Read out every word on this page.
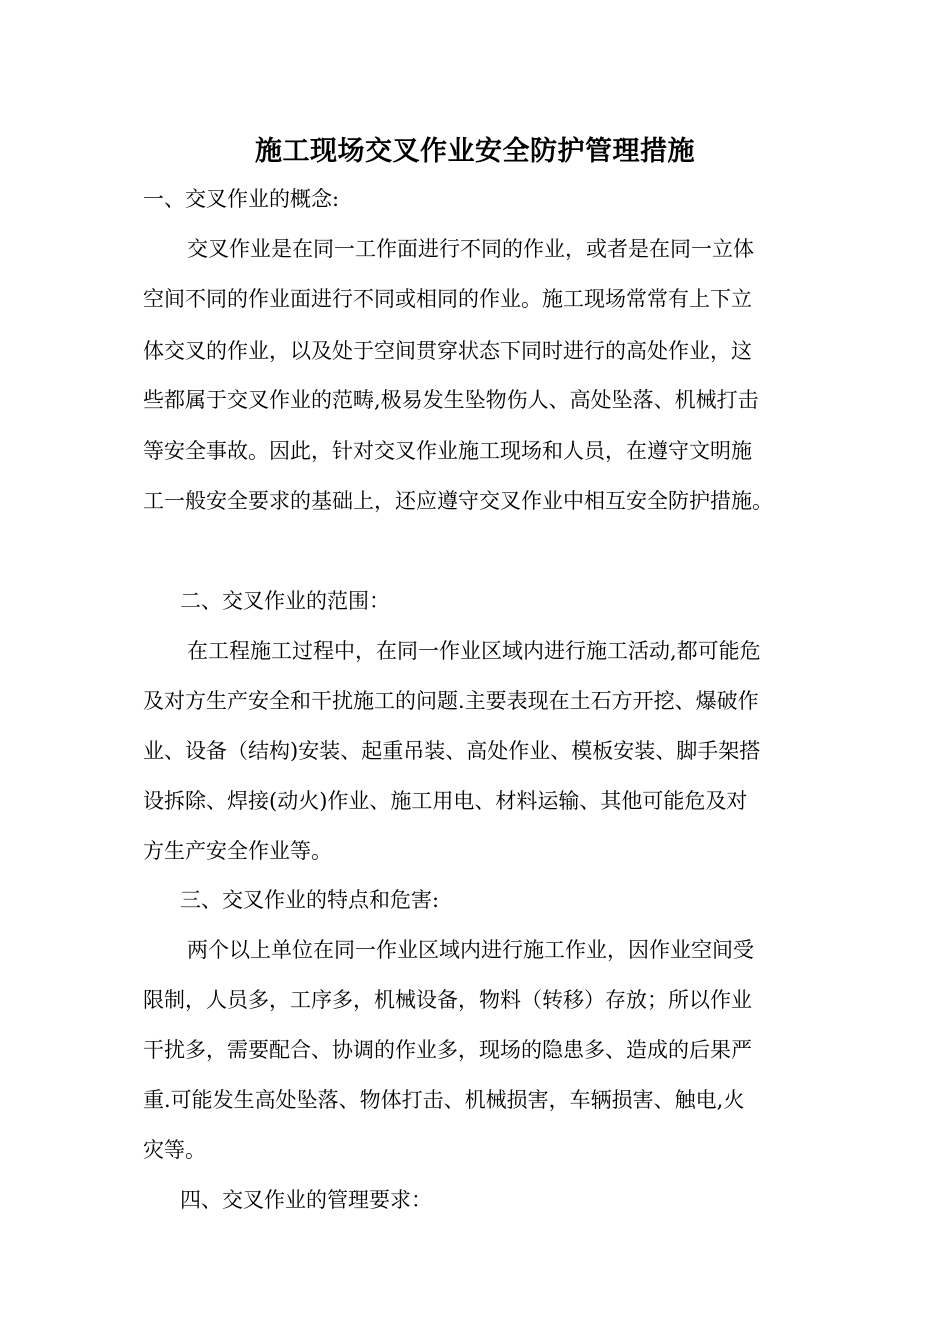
施工现场交叉作业安全防护管理措施
一、交叉作业的概念:
交叉作业是在同一工作面进行不同的作业，或者是在同一立体
空间不同的作业面进行不同或相同的作业。施工现场常常有上下立
体交叉的作业，以及处于空间贯穿状态下同时进行的高处作业，这
些都属于交叉作业的范畴,极易发生坠物伤人、高处坠落、机械打击
等安全事故。因此，针对交叉作业施工现场和人员，在遵守文明施
工一般安全要求的基础上，还应遵守交叉作业中相互安全防护措施。
二、交叉作业的范围：
在工程施工过程中，在同一作业区域内进行施工活动,都可能危
及对方生产安全和干扰施工的问题.主要表现在土石方开挖、爆破作
业、设备（结构)安装、起重吊装、高处作业、模板安装、脚手架搭
设拆除、焊接(动火)作业、施工用电、材料运输、其他可能危及对
方生产安全作业等。
三、交叉作业的特点和危害:
两个以上单位在同一作业区域内进行施工作业，因作业空间受
限制，人员多，工序多，机械设备，物料（转移）存放；所以作业
干扰多，需要配合、协调的作业多，现场的隐患多、造成的后果严
重.可能发生高处坠落、物体打击、机械损害，车辆损害、触电,火
灾等。
四、交叉作业的管理要求：
